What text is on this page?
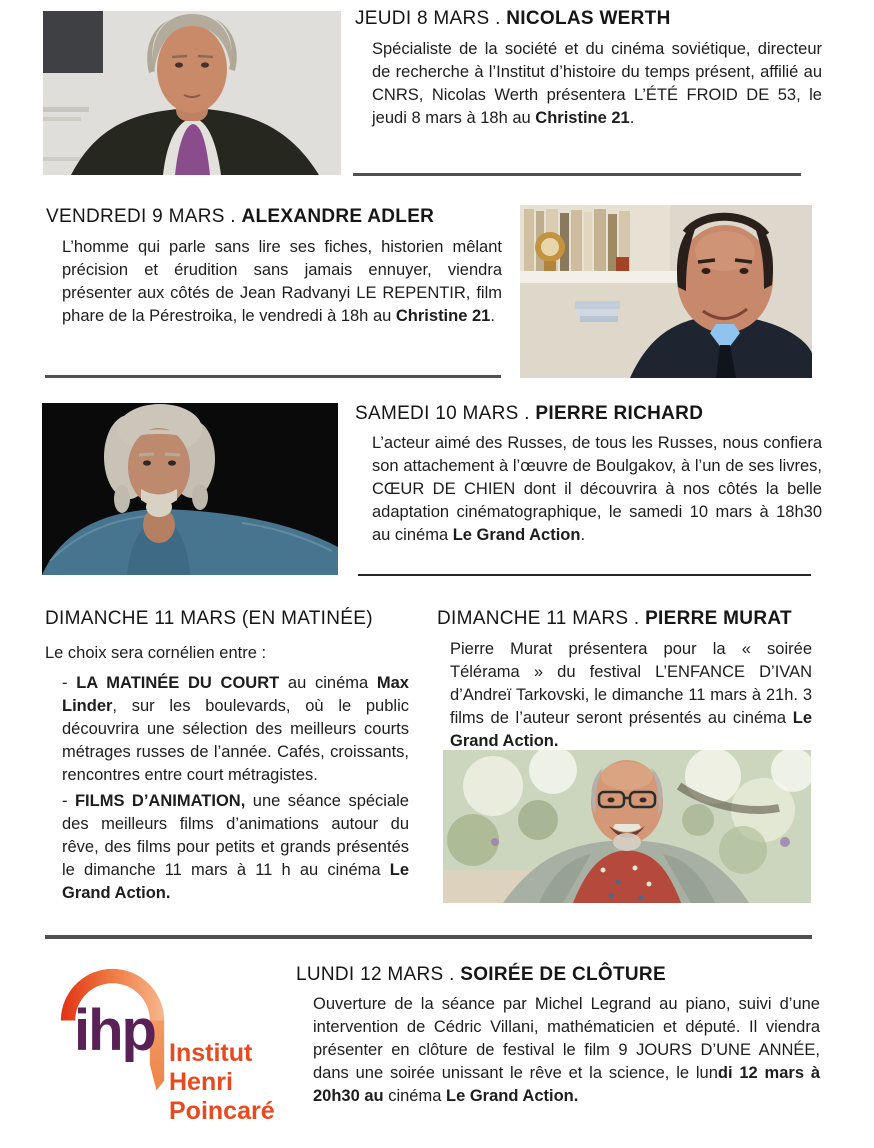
JEUDI 8 MARS . NICOLAS WERTH
Spécialiste de la société et du cinéma soviétique, directeur de recherche à l’Institut d’histoire du temps présent, affilié au CNRS, Nicolas Werth présentera L’ÉTÉ FROID DE 53, le jeudi 8 mars à 18h au Christine 21.
VENDREDI 9 MARS . ALEXANDRE ADLER
L’homme qui parle sans lire ses fiches, historien mêlant précision et érudition sans jamais ennuyer, viendra présenter aux côtés de Jean Radvanyi LE REPENTIR, film phare de la Pérestroika, le vendredi à 18h au Christine 21.
SAMEDI 10 MARS . PIERRE RICHARD
L’acteur aimé des Russes, de tous les Russes, nous confiera son attachement à l’œuvre de Boulgakov, à l’un de ses livres, CŒUR DE CHIEN dont il découvrira à nos côtés la belle adaptation cinématographique, le samedi 10 mars à 18h30 au cinéma Le Grand Action.
DIMANCHE 11 MARS (EN MATINÉE)
Le choix sera cornélien entre :
- LA MATINÉE DU COURT au cinéma Max Linder, sur les boulevards, où le public découvrira une sélection des meilleurs courts métrages russes de l’année. Cafés, croissants, rencontres entre court métragistes.
- FILMS D’ANIMATION, une séance spéciale des meilleurs films d’animations autour du rêve, des films pour petits et grands présentés le dimanche 11 mars à 11 h au cinéma Le Grand Action.
DIMANCHE 11 MARS . PIERRE MURAT
Pierre Murat présentera pour la « soirée Télérama » du festival L’ENFANCE D’IVAN d’Andreï Tarkovski, le dimanche 11 mars à 21h. 3 films de l’auteur seront présentés au cinéma Le Grand Action.
ihp Institut
Henri
Poincaré
LUNDI 12 MARS . SOIRÉE DE CLÔTURE
Ouverture de la séance par Michel Legrand au piano, suivi d’une intervention de Cédric Villani, mathématicien et député. Il viendra présenter en clôture de festival le film 9 JOURS D’UNE ANNÉE, dans une soirée unissant le rêve et la science, le lundi 12 mars à 20h30 au cinéma Le Grand Action.
